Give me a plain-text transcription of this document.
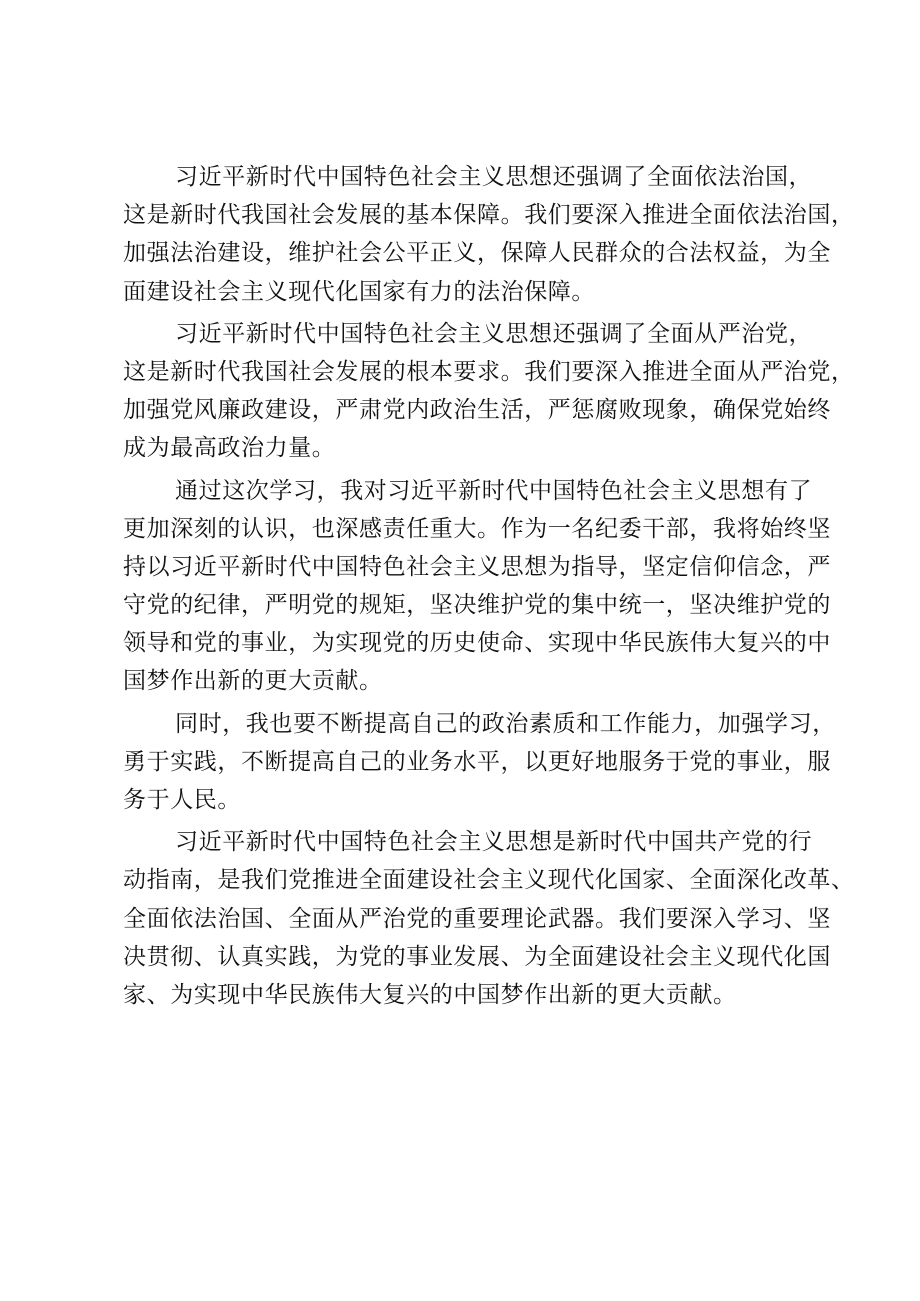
习近平新时代中国特色社会主义思想还强调了全面依法治国，
这是新时代我国社会发展的基本保障。我们要深入推进全面依法治国，
加强法治建设，维护社会公平正义，保障人民群众的合法权益，为全
面建设社会主义现代化国家有力的法治保障。
习近平新时代中国特色社会主义思想还强调了全面从严治党，
这是新时代我国社会发展的根本要求。我们要深入推进全面从严治党，
加强党风廉政建设，严肃党内政治生活，严惩腐败现象，确保党始终
成为最高政治力量。
通过这次学习，我对习近平新时代中国特色社会主义思想有了
更加深刻的认识，也深感责任重大。作为一名纪委干部，我将始终坚
持以习近平新时代中国特色社会主义思想为指导，坚定信仰信念，严
守党的纪律，严明党的规矩，坚决维护党的集中统一，坚决维护党的
领导和党的事业，为实现党的历史使命、实现中华民族伟大复兴的中
国梦作出新的更大贡献。
同时，我也要不断提高自己的政治素质和工作能力，加强学习，
勇于实践，不断提高自己的业务水平，以更好地服务于党的事业，服
务于人民。
习近平新时代中国特色社会主义思想是新时代中国共产党的行
动指南，是我们党推进全面建设社会主义现代化国家、全面深化改革、
全面依法治国、全面从严治党的重要理论武器。我们要深入学习、坚
决贯彻、认真实践，为党的事业发展、为全面建设社会主义现代化国
家、为实现中华民族伟大复兴的中国梦作出新的更大贡献。
